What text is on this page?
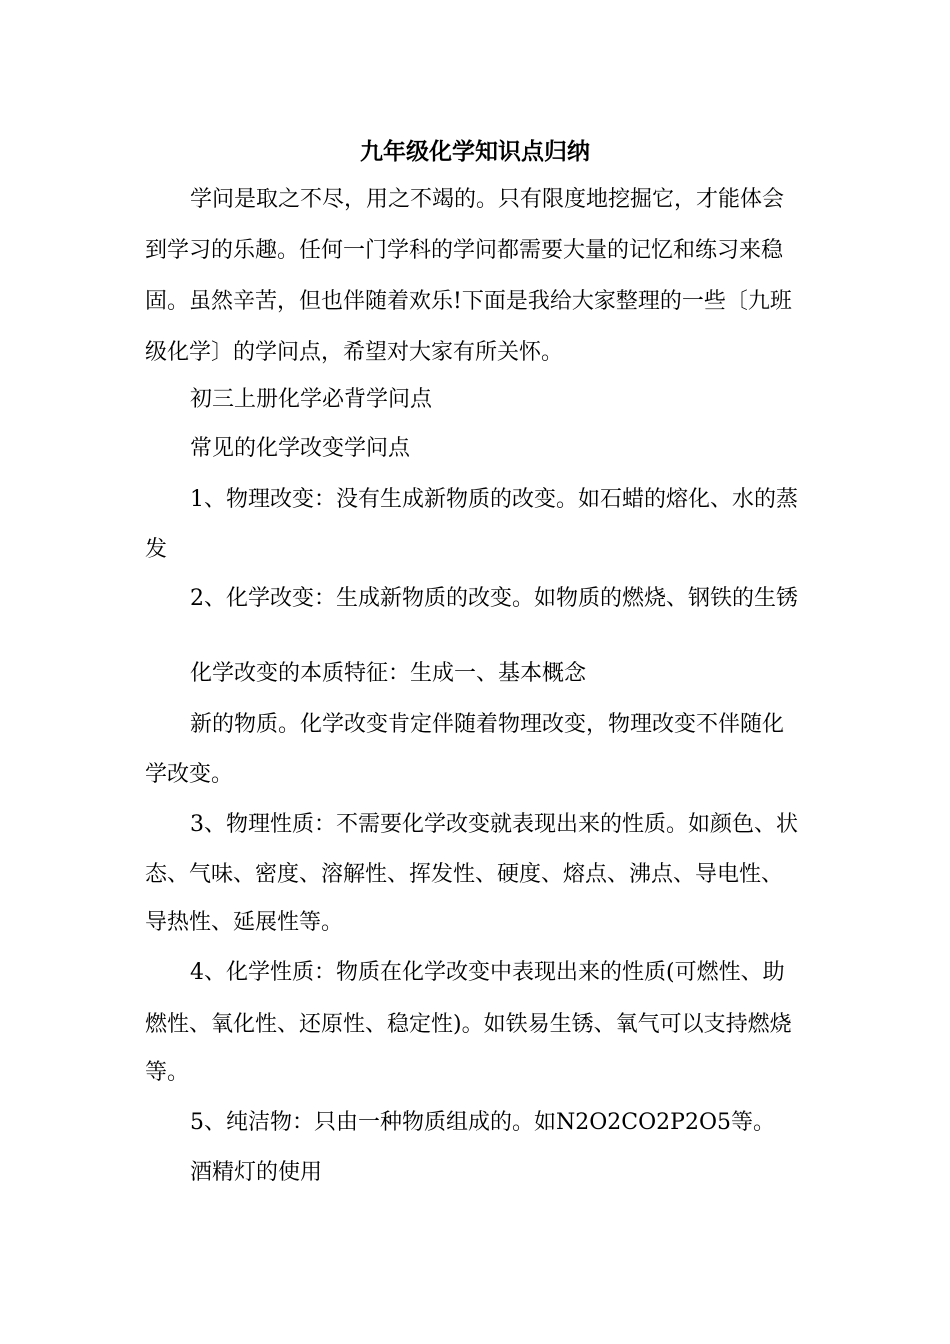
九年级化学知识点归纳
学问是取之不尽，用之不竭的。只有限度地挖掘它，才能体会
到学习的乐趣。任何一门学科的学问都需要大量的记忆和练习来稳
固。虽然辛苦，但也伴随着欢乐!下面是我给大家整理的一些〔九班
级化学〕的学问点，希望对大家有所关怀。
初三上册化学必背学问点
常见的化学改变学问点
1、物理改变：没有生成新物质的改变。如石蜡的熔化、水的蒸
发
2、化学改变：生成新物质的改变。如物质的燃烧、钢铁的生锈
化学改变的本质特征：生成一、基本概念
新的物质。化学改变肯定伴随着物理改变，物理改变不伴随化
学改变。
3、物理性质：不需要化学改变就表现出来的性质。如颜色、状
态、气味、密度、溶解性、挥发性、硬度、熔点、沸点、导电性、
导热性、延展性等。
4、化学性质：物质在化学改变中表现出来的性质(可燃性、助
燃性、氧化性、还原性、稳定性)。如铁易生锈、氧气可以支持燃烧
等。
5、纯洁物：只由一种物质组成的。如N2O2CO2P2O5等。
酒精灯的使用
